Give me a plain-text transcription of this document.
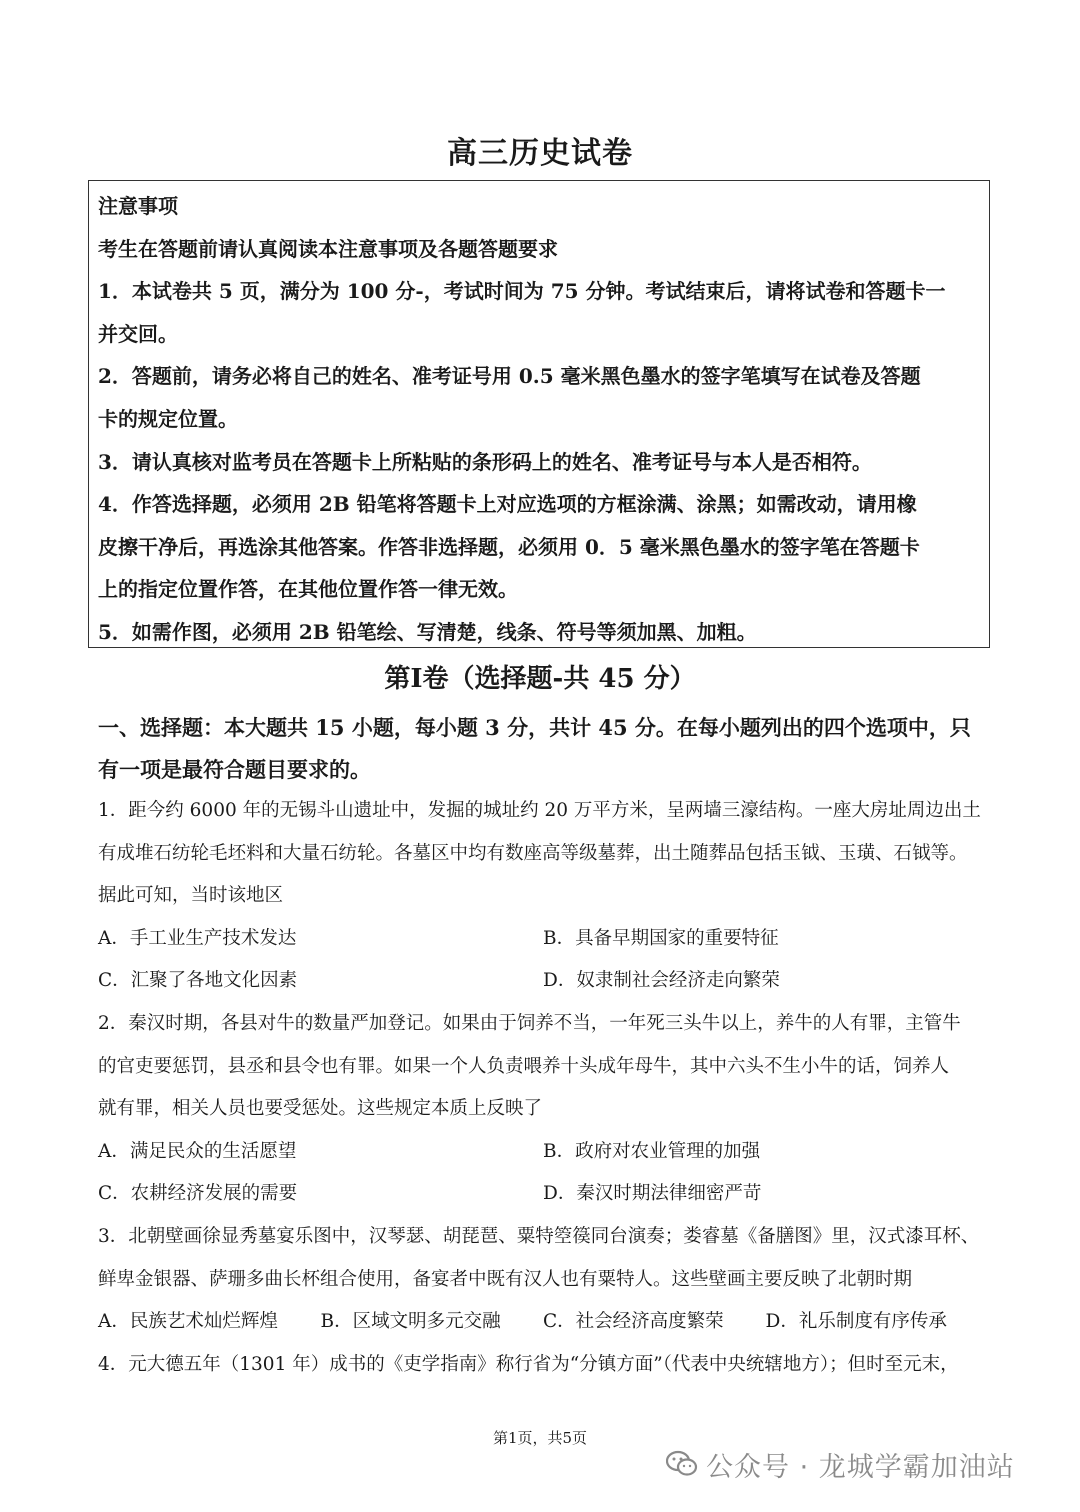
高三历史试卷
注意事项
考生在答题前请认真阅读本注意事项及各题答题要求
1．本试卷共 5 页，满分为 100 分-，考试时间为 75 分钟。考试结束后，请将试卷和答题卡一
并交回。
2．答题前，请务必将自己的姓名、准考证号用 0.5 毫米黑色墨水的签字笔填写在试卷及答题
卡的规定位置。
3．请认真核对监考员在答题卡上所粘贴的条形码上的姓名、准考证号与本人是否相符。
4．作答选择题，必须用 2B 铅笔将答题卡上对应选项的方框涂满、涂黑；如需改动，请用橡
皮擦干净后，再选涂其他答案。作答非选择题，必须用 0．5 毫米黑色墨水的签字笔在答题卡
上的指定位置作答，在其他位置作答一律无效。
5．如需作图，必须用 2B 铅笔绘、写清楚，线条、符号等须加黑、加粗。
第I卷（选择题-共 45 分）
一、选择题：本大题共 15 小题，每小题 3 分，共计 45 分。在每小题列出的四个选项中，只
有一项是最符合题目要求的。
1．距今约 6000 年的无锡斗山遗址中，发掘的城址约 20 万平方米，呈两墙三濠结构。一座大房址周边出土
有成堆石纺轮毛坯料和大量石纺轮。各墓区中均有数座高等级墓葬，出土随葬品包括玉钺、玉璜、石钺等。
据此可知，当时该地区
A．手工业生产技术发达	B．具备早期国家的重要特征
C．汇聚了各地文化因素	D．奴隶制社会经济走向繁荣
2．秦汉时期，各县对牛的数量严加登记。如果由于饲养不当，一年死三头牛以上，养牛的人有罪，主管牛
的官吏要惩罚，县丞和县令也有罪。如果一个人负责喂养十头成年母牛，其中六头不生小牛的话，饲养人
就有罪，相关人员也要受惩处。这些规定本质上反映了
A．满足民众的生活愿望	B．政府对农业管理的加强
C．农耕经济发展的需要	D．秦汉时期法律细密严苛
3．北朝壁画徐显秀墓宴乐图中，汉琴瑟、胡琵琶、粟特箜篌同台演奏；娄睿墓《备膳图》里，汉式漆耳杯、
鲜卑金银器、萨珊多曲长杯组合使用，备宴者中既有汉人也有粟特人。这些壁画主要反映了北朝时期
A．民族艺术灿烂辉煌	B．区域文明多元交融	C．社会经济高度繁荣	D．礼乐制度有序传承
4．元大德五年（1301 年）成书的《吏学指南》称行省为“分镇方面”（代表中央统辖地方）；但时至元末，
第1页，共5页
公众号 · 龙城学霸加油站
